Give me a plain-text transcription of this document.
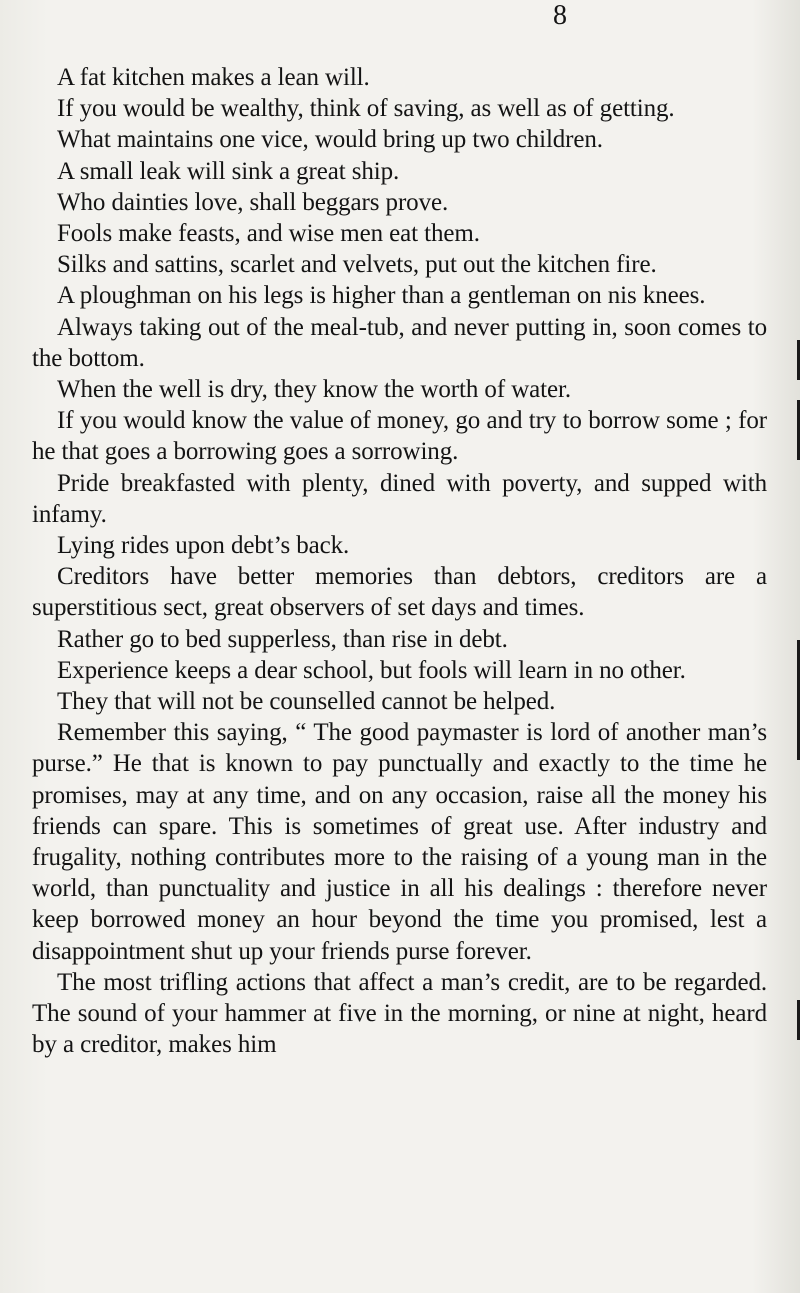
8

A fat kitchen makes a lean will.

If you would be wealthy, think of saving, as well as of getting.

What maintains one vice, would bring up two children.

A small leak will sink a great ship.

Who dainties love, shall beggars prove.

Fools make feasts, and wise men eat them.

Silks and sattins, scarlet and velvets, put out the kitchen fire.

A ploughman on his legs is higher than a gentleman on nis knees.

Always taking out of the meal-tub, and never putting in, soon comes to the bottom.

When the well is dry, they know the worth of water.

If you would know the value of money, go and try to borrow some ; for he that goes a borrowing goes a sorrowing.

Pride breakfasted with plenty, dined with poverty, and supped with infamy.

Lying rides upon debt’s back.

Creditors have better memories than debtors, creditors are a superstitious sect, great observers of set days and times.

Rather go to bed supperless, than rise in debt.

Experience keeps a dear school, but fools will learn in no other.

They that will not be counselled cannot be helped.

Remember this saying, “ The good paymaster is lord of another man’s purse.” He that is known to pay punctually and exactly to the time he promises, may at any time, and on any occasion, raise all the money his friends can spare. This is sometimes of great use. After industry and frugality, nothing contributes more to the raising of a young man in the world, than punctuality and justice in all his dealings : therefore never keep borrowed money an hour beyond the time you promised, lest a disappointment shut up your friends purse forever.

The most trifling actions that affect a man’s credit, are to be regarded. The sound of your hammer at five in the morning, or nine at night, heard by a creditor, makes him
